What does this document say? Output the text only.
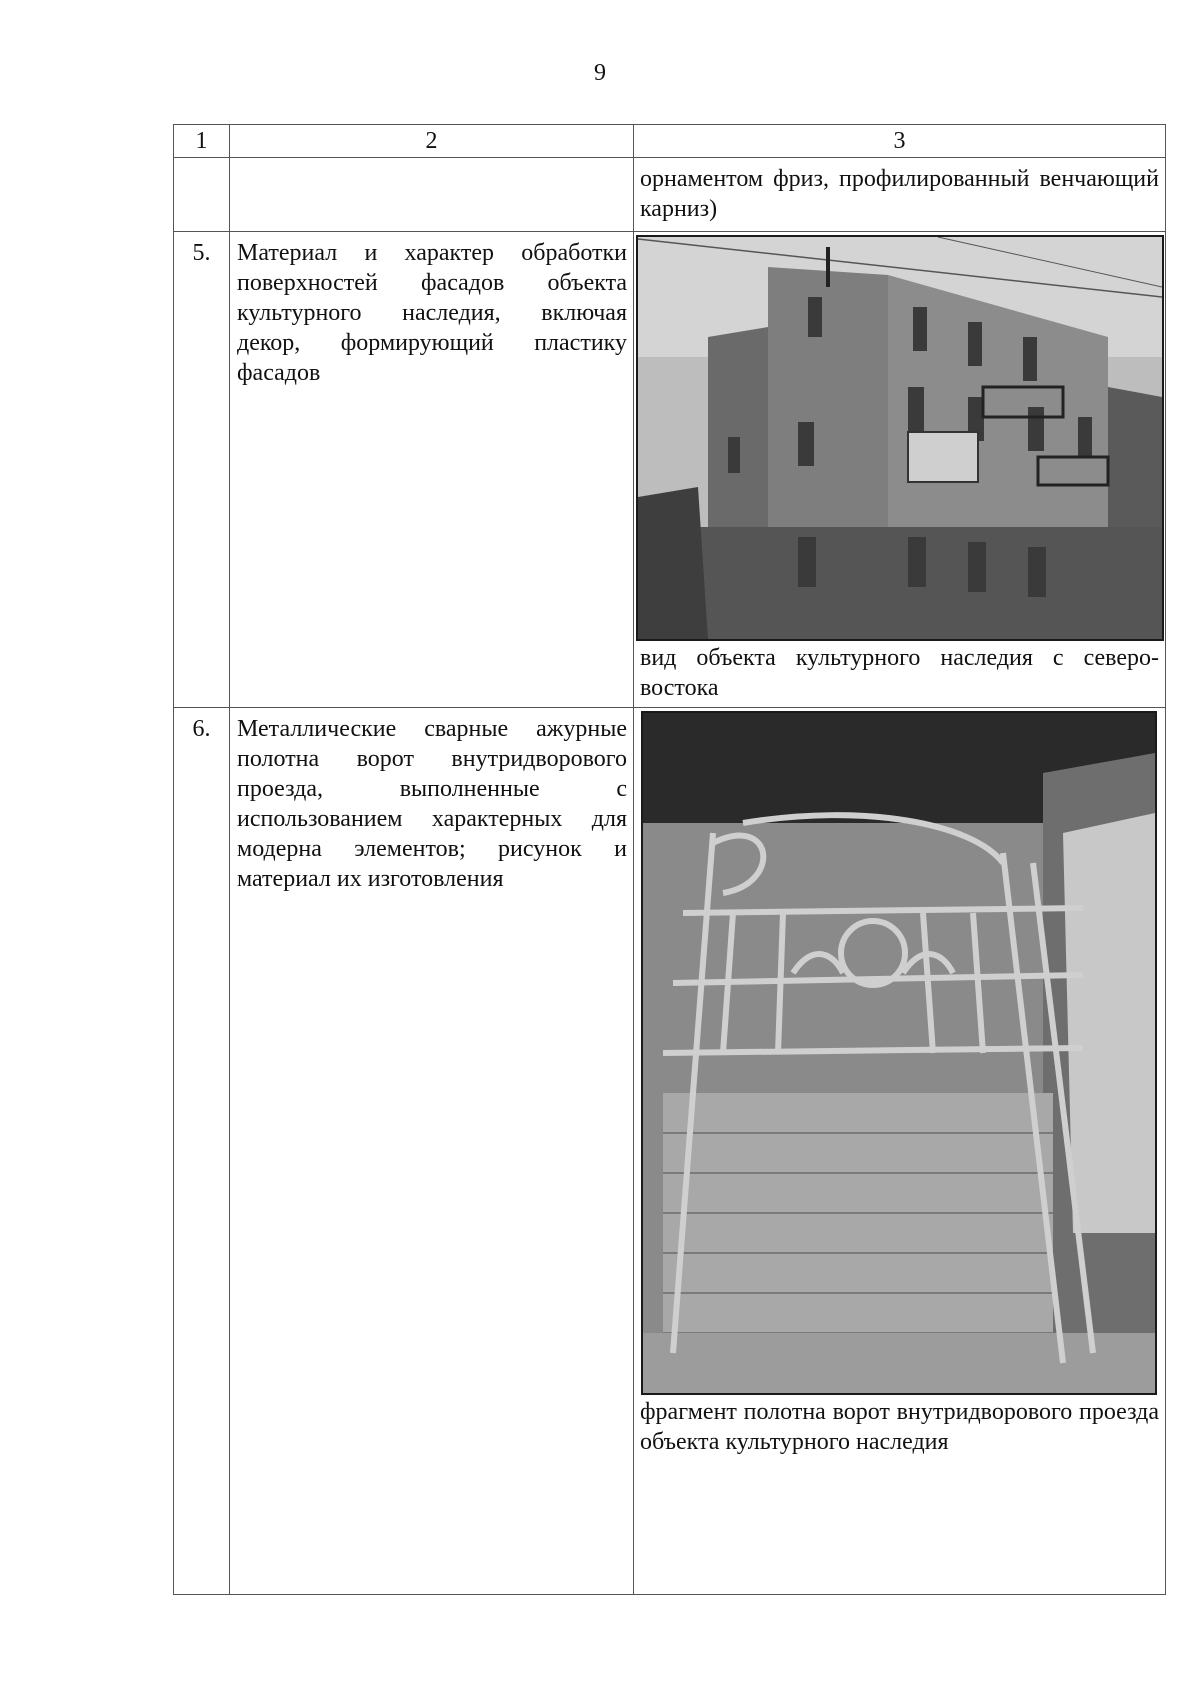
9
1	2	3
		орнаментом фриз, профилированный венчающий карниз)
5.	Материал и характер обработки поверхностей фасадов объекта культурного наследия, включая декор, формирующий пластику фасадов	вид объекта культурного наследия с северо-востока

6.	Металлические сварные ажурные полотна ворот внутридворового проезда, выполненные с использованием характерных для модерна элементов; рисунок и материал их изготовления	фрагмент полотна ворот внутридворового проезда объекта культурного наследия
